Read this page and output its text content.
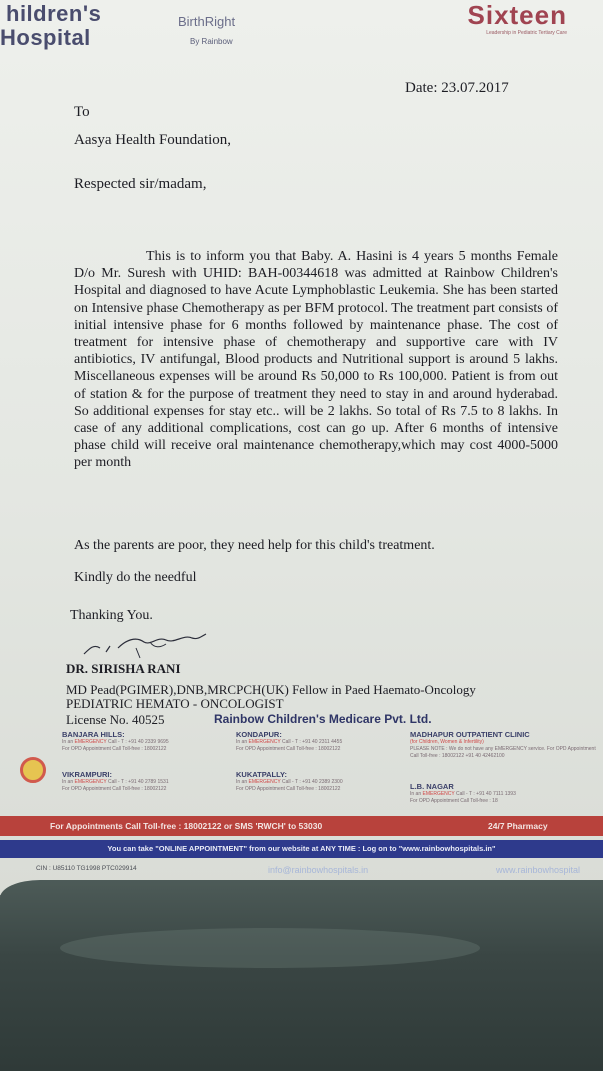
hildren's
Hospital
BirthRight
By Rainbow
Sixteen
Leadership in Pediatric Tertiary Care
Date: 23.07.2017
To
Aasya Health Foundation,
Respected sir/madam,
This is to inform you that Baby. A. Hasini is 4 years 5 months Female D/o Mr. Suresh with UHID: BAH-00344618 was admitted at Rainbow Children's Hospital and diagnosed to have Acute Lymphoblastic Leukemia. She has been started on Intensive phase Chemotherapy as per BFM protocol. The treatment part consists of initial intensive phase for 6 months followed by maintenance phase. The cost of treatment for intensive phase of chemotherapy and supportive care with IV antibiotics, IV antifungal, Blood products and Nutritional support is around 5 lakhs. Miscellaneous expenses will be around Rs 50,000 to Rs 100,000. Patient is from out of station & for the purpose of treatment they need to stay in and around hyderabad. So additional expenses for stay etc.. will be 2 lakhs. So total of Rs 7.5 to 8 lakhs. In case of any additional complications, cost can go up. After 6 months of intensive phase child will receive oral maintenance chemotherapy,which may cost 4000-5000 per month
As the parents are poor, they need help for this child's treatment.
Kindly do the needful
Thanking You.
DR. SIRISHA RANI
MD Pead(PGIMER),DNB,MRCPCH(UK) Fellow in Paed Haemato-Oncology
PEDIATRIC HEMATO - ONCOLOGIST
License No. 40525	Rainbow Children's Medicare Pvt. Ltd.
BANJARA HILLS:
In an EMERGENCY Call - T : +91 40 2339 9695
For OPD Appointment Call Toll-free : 18002122
KONDAPUR:
In an EMERGENCY Call - T : +91 40 2311 4455
For OPD Appointment Call Toll-free : 18002122
MADHAPUR OUTPATIENT CLINIC
(for Children, Women & Infertility)
PLEASE NOTE : We do not have any EMERGENCY service. For OPD Appointment Call Toll-free : 18002122 +91 40 42462100
VIKRAMPURI:
In an EMERGENCY Call - T : +91 40 2789 1531
For OPD Appointment Call Toll-free : 18002122
KUKATPALLY:
In an EMERGENCY Call - T : +91 40 2389 2300
For OPD Appointment Call Toll-free : 18002122	L.B. NAGAR
In an EMERGENCY Call - T : +91 40 7111 1393
For OPD Appointment Call Toll-free : 18
For Appointments Call Toll-free : 18002122 or SMS 'RWCH' to 53030	24/7 Pharmacy
You can take "ONLINE APPOINTMENT" from our website at ANY TIME : Log on to "www.rainbowhospitals.in"
CIN : U85110 TG1998 PTC029914	info@rainbowhospitals.in	www.rainbowhospital
